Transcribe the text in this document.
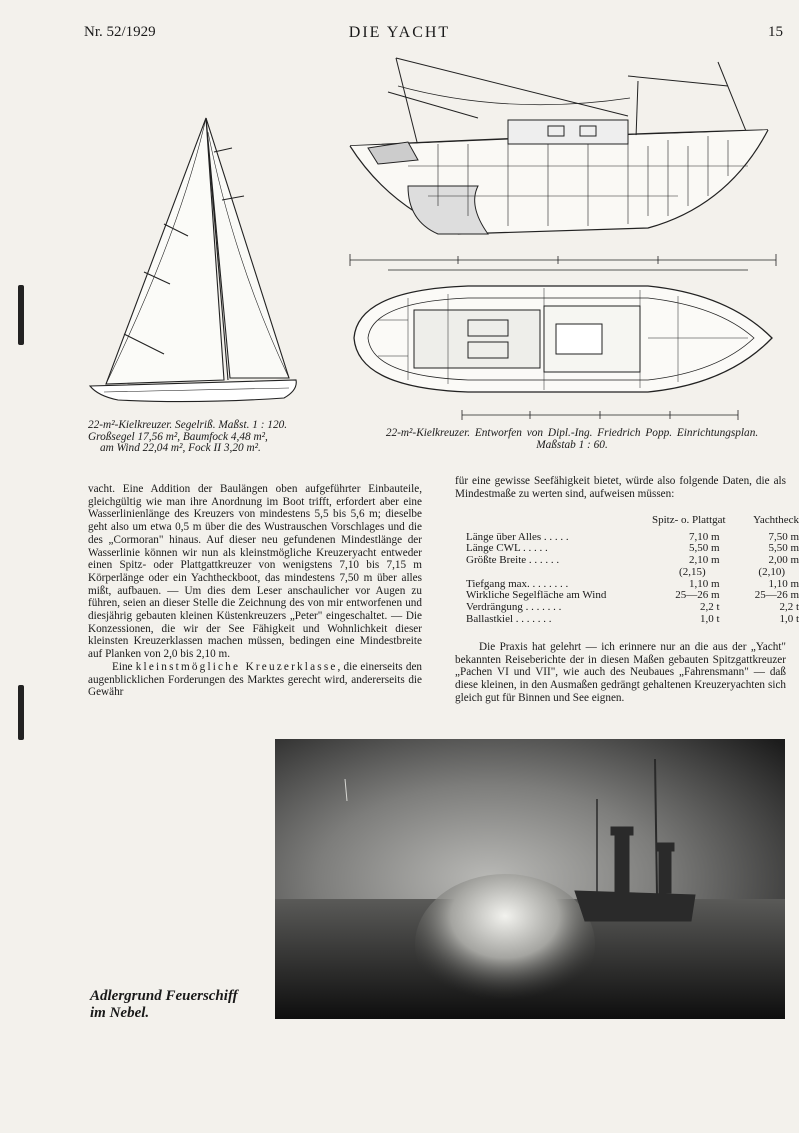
Nr. 52/1929	DIE YACHT	15
22-m²-Kielkreuzer. Segelriß. Maßst. 1 : 120.
Großsegel 17,56 m², Baumfock 4,48 m²,
am Wind 22,04 m², Fock II 3,20 m².
22-m²-Kielkreuzer. Entworfen von Dipl.-Ing. Friedrich Popp. Einrichtungsplan.
Maßstab 1 : 60.

vacht. Eine Addition der Baulängen oben aufgeführter Einbauteile, gleichgültig wie man ihre Anordnung im Boot trifft, erfordert aber eine Wasserlinienlänge des Kreuzers von mindestens 5,5 bis 5,6 m; dieselbe geht also um etwa 0,5 m über die des Wustrauschen Vorschlages und die des „Cormoran" hinaus. Auf dieser neu gefundenen Mindestlänge der Wasserlinie können wir nun als kleinstmögliche Kreuzeryacht entweder einen Spitz- oder Plattgattkreuzer von wenigstens 7,10 bis 7,15 m Körperlänge oder ein Yachtheckboot, das mindestens 7,50 m über alles mißt, aufbauen. — Um dies dem Leser anschaulicher vor Augen zu führen, seien an dieser Stelle die Zeichnung des von mir entworfenen und diesjährig gebauten kleinen Küstenkreuzers „Peter" eingeschaltet. — Die Konzessionen, die wir der See Fähigkeit und Wohnlichkeit dieser kleinsten Kreuzerklassen machen müssen, bedingen eine Mindestbreite auf Planken von 2,0 bis 2,10 m.

Eine kleinstmögliche Kreuzerklasse, die einerseits den augenblicklichen Forderungen des Marktes gerecht wird, andererseits die Gewähr

für eine gewisse Seefähigkeit bietet, würde also folgende Daten, die als Mindestmaße zu werten sind, aufweisen müssen:

	Spitz- o. Plattgat	Yachtheck

Länge über Alles . . . . .	7,10 m	7,50 m
Länge CWL . . . . .	5,50 m	5,50 m
Größte Breite . . . . . .	2,10 m	2,00 m
	(2,15)	(2,10)
Tiefgang max. . . . . . . .	1,10 m	1,10 m
Wirkliche Segelfläche am Wind	25—26 m	25—26 m
Verdrängung . . . . . . .	2,2 t	2,2 t
Ballastkiel . . . . . . .	1,0 t	1,0 t

Die Praxis hat gelehrt — ich erinnere nur an die aus der „Yacht" bekannten Reiseberichte der in diesen Maßen gebauten Spitzgattkreuzer „Pachen VI und VII", wie auch des Neubaues „Fahrensmann" — daß diese kleinen, in den Ausmaßen gedrängt gehaltenen Kreuzeryachten sich gleich gut für Binnen und See eignen.

Adlergrund Feuerschiff
im Nebel.
